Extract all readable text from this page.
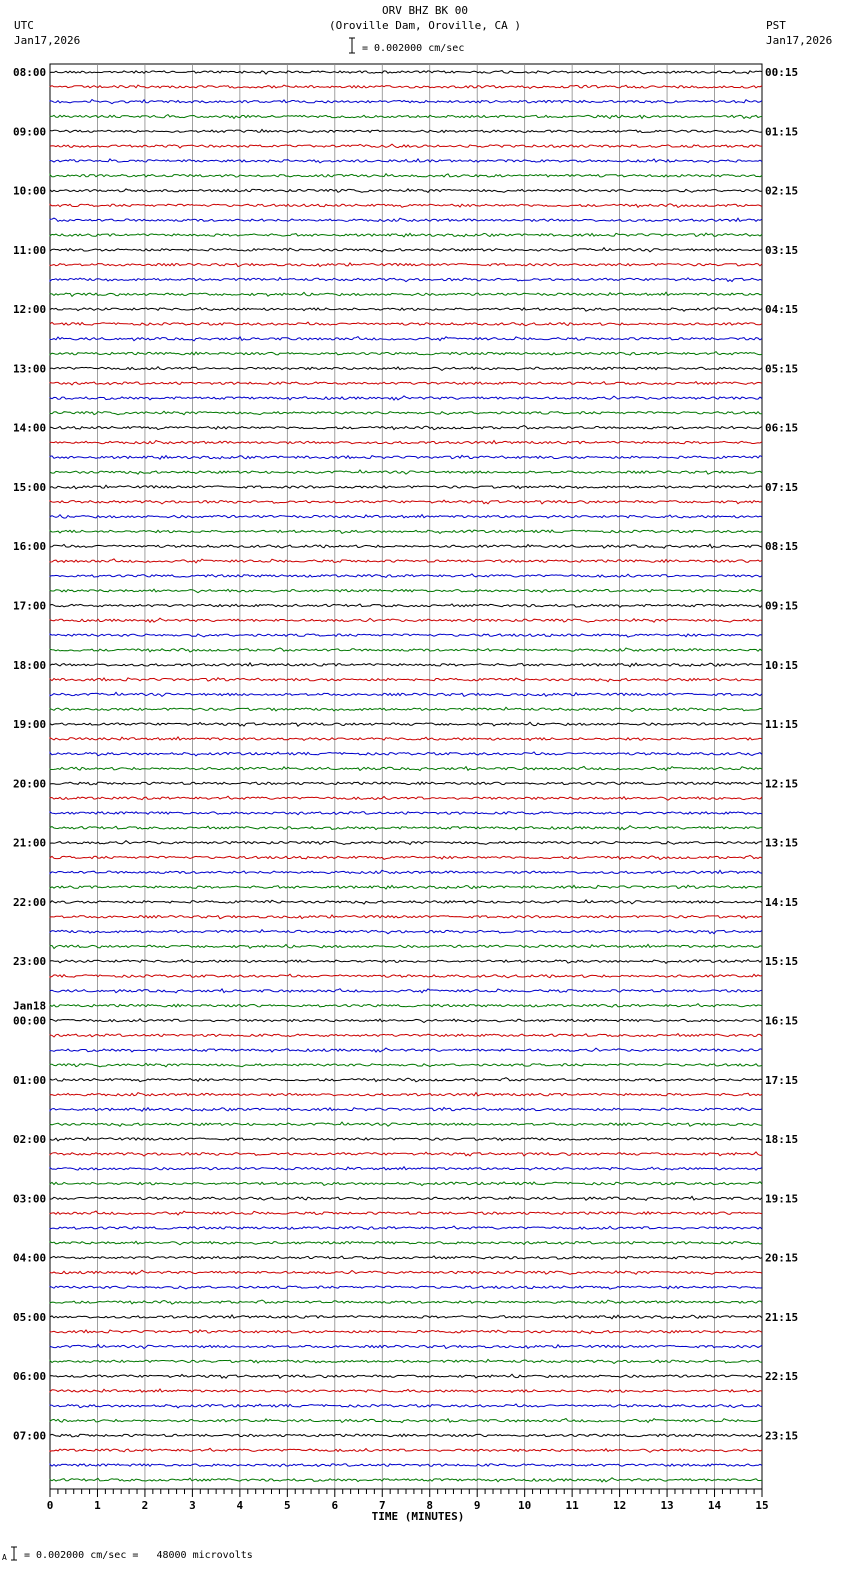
ORV BHZ BK 00
(Oroville Dam, Oroville, CA )
UTC
Jan17,2026
PST
Jan17,2026
= 0.002000 cm/sec
08:00	00:15
09:00	01:15
10:00	02:15
11:00	03:15
12:00	04:15
13:00	05:15
14:00	06:15
15:00	07:15
16:00	08:15
17:00	09:15
18:00	10:15
19:00	11:15
20:00	12:15
21:00	13:15
22:00	14:15
23:00	15:15
00:00	16:15
Jan18
01:00	17:15
02:00	18:15
03:00	19:15
04:00	20:15
05:00	21:15
06:00	22:15
07:00	23:15
0	1	2	3	4	5	6	7	8	9	10	11	12	13	14	15
TIME (MINUTES)
A = 0.002000 cm/sec =   48000 microvolts
